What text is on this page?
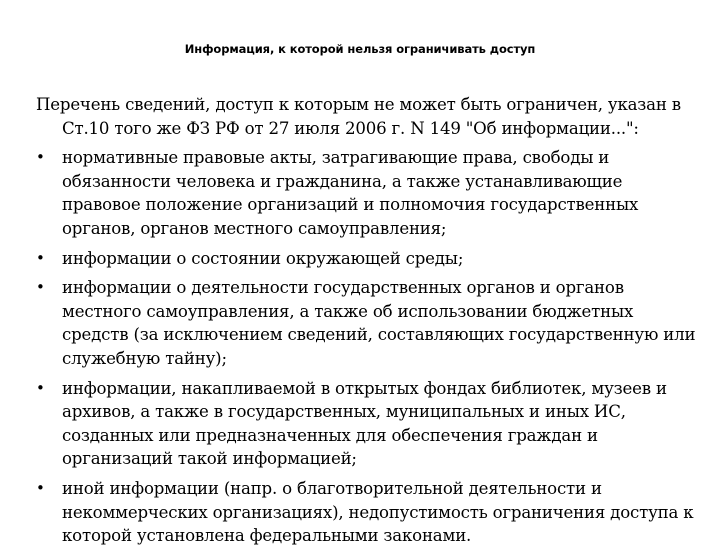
Информация, к которой нельзя ограничивать доступ

Перечень сведений, доступ к которым не может быть ограничен, указан в Ст.10 того же ФЗ РФ от 27 июля 2006 г. N 149 "Об информации...":

•	нормативные правовые акты, затрагивающие права, свободы и обязанности человека и гражданина, а также устанавливающие правовое положение организаций и полномочия государственных органов, органов местного самоуправления;
•	информации о состоянии окружающей среды;
•	информации о деятельности государственных органов и органов местного самоуправления, а также об использовании бюджетных средств (за исключением сведений, составляющих государственную или служебную тайну);
•	информации, накапливаемой в открытых фондах библиотек, музеев и архивов, а также в государственных, муниципальных и иных ИС, созданных или предназначенных для обеспечения граждан и организаций такой информацией;
•	иной информации (напр. о благотворительной деятельности и некоммерческих организациях), недопустимость ограничения доступа к которой установлена федеральными законами.
